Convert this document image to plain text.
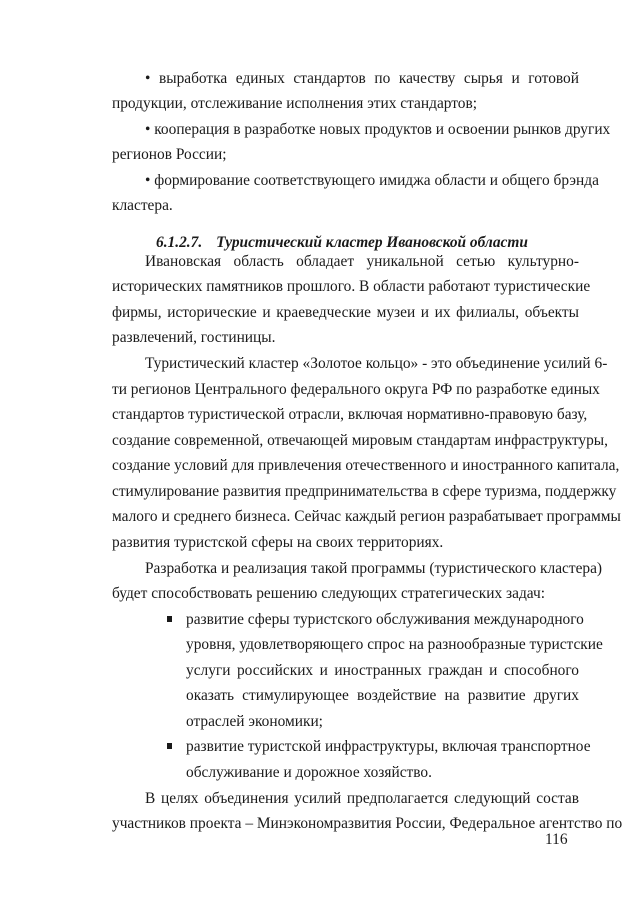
• выработка единых стандартов по качеству сырья и готовой
продукции, отслеживание исполнения этих стандартов;
• кооперация в разработке новых продуктов и освоении рынков других
регионов России;
• формирование соответствующего имиджа области и общего брэнда
кластера.
6.1.2.7. Туристический кластер Ивановской области
Ивановская область обладает уникальной сетью культурно-
исторических памятников прошлого. В области работают туристические
фирмы, исторические и краеведческие музеи и их филиалы, объекты
развлечений, гостиницы.
Туристический кластер «Золотое кольцо» - это объединение усилий 6-
ти регионов Центрального федерального округа РФ по разработке единых
стандартов туристической отрасли, включая нормативно-правовую базу,
создание современной, отвечающей мировым стандартам инфраструктуры,
создание условий для привлечения отечественного и иностранного капитала,
стимулирование развития предпринимательства в сфере туризма, поддержку
малого и среднего бизнеса. Сейчас каждый регион разрабатывает программы
развития туристской сферы на своих территориях.
Разработка и реализация такой программы (туристического кластера)
будет способствовать решению следующих стратегических задач:
развитие сферы туристского обслуживания международного
уровня, удовлетворяющего спрос на разнообразные туристские
услуги российских и иностранных граждан и способного
оказать стимулирующее воздействие на развитие других
отраслей экономики;
развитие туристской инфраструктуры, включая транспортное
обслуживание и дорожное хозяйство.
В целях объединения усилий предполагается следующий состав
участников проекта – Минэкономразвития России, Федеральное агентство по
116
